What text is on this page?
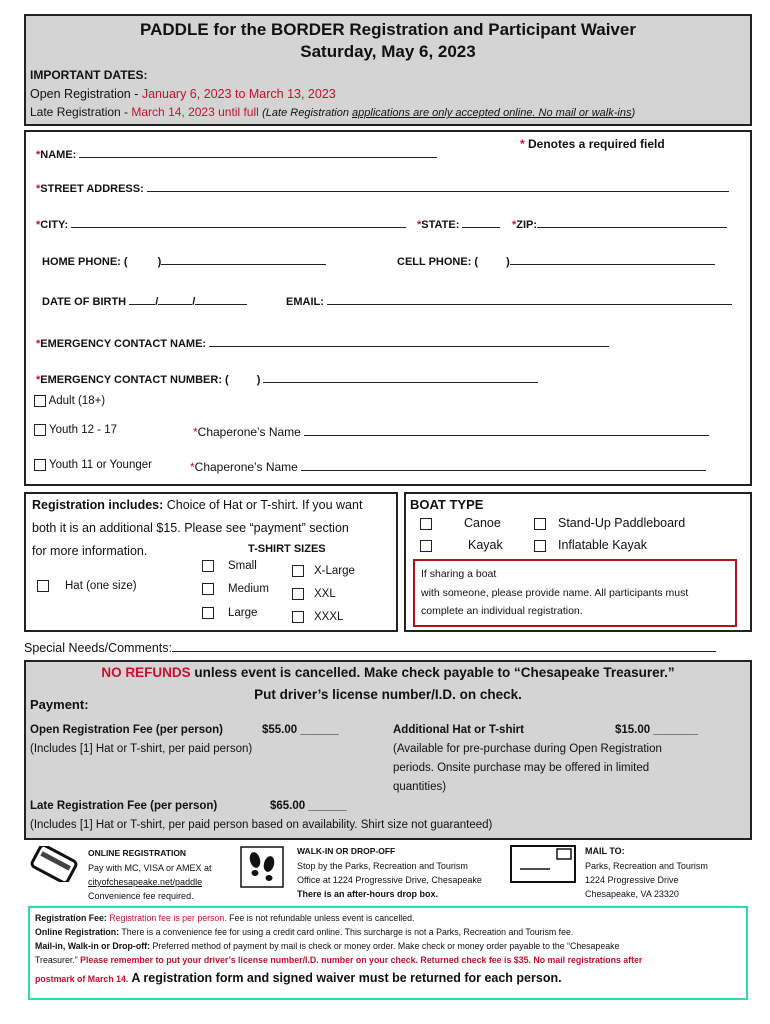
PADDLE for the BORDER Registration and Participant Waiver
Saturday, May 6, 2023
IMPORTANT DATES:
Open Registration - January 6, 2023 to March 13, 2023
Late Registration - March 14, 2023 until full (Late Registration applications are only accepted online. No mail or walk-ins)
* Denotes a required field
*NAME:
*STREET ADDRESS:
*CITY:	*STATE:	*ZIP:
HOME PHONE: (	)	CELL PHONE: (	)
DATE OF BIRTH	/	/	EMAIL:
*EMERGENCY CONTACT NAME:
*EMERGENCY CONTACT NUMBER: (	)
Adult (18+)
Youth 12 - 17	*Chaperone’s Name
Youth 11 or Younger	*Chaperone’s Name
Registration includes: Choice of Hat or T-shirt. If you want
both it is an additional $15. Please see “payment” section
for more information.	T-SHIRT SIZES
Hat (one size)
Small
Medium
Large
X-Large
XXL
XXXL
BOAT TYPE
Canoe
Kayak
Stand-Up Paddleboard
Inflatable Kayak
If sharing a boat
with someone, please provide name. All participants must
complete an individual registration.
Special Needs/Comments:
NO REFUNDS unless event is cancelled. Make check payable to “Chesapeake Treasurer.”
Put driver’s license number/I.D. on check.
Payment:
Open Registration Fee (per person)	$55.00 ______
(Includes [1] Hat or T-shirt, per paid person)
Additional Hat or T-shirt	$15.00 _______
(Available for pre-purchase during Open Registration
periods. Onsite purchase may be offered in limited
quantities)
Late Registration Fee (per person)	$65.00 ______
(Includes [1] Hat or T-shirt, per paid person based on availability. Shirt size not guaranteed)
ONLINE REGISTRATION
Pay with MC, VISA or AMEX at
cityofchesapeake.net/paddle
Convenience fee required.
WALK-IN OR DROP-OFF
Stop by the Parks, Recreation and Tourism
Office at 1224 Progressive Drive, Chesapeake
There is an after-hours drop box.
MAIL TO:
Parks, Recreation and Tourism
1224 Progressive Drive
Chesapeake, VA 23320
Registration Fee: Registration fee is per person. Fee is not refundable unless event is cancelled.
Online Registration: There is a convenience fee for using a credit card online. This surcharge is not a Parks, Recreation and Tourism fee.
Mail-in, Walk-in or Drop-off: Preferred method of payment by mail is check or money order. Make check or money order payable to the “Chesapeake
Treasurer.” Please remember to put your driver’s license number/I.D. number on your check. Returned check fee is $35. No mail registrations after
postmark of March 14. A registration form and signed waiver must be returned for each person.
